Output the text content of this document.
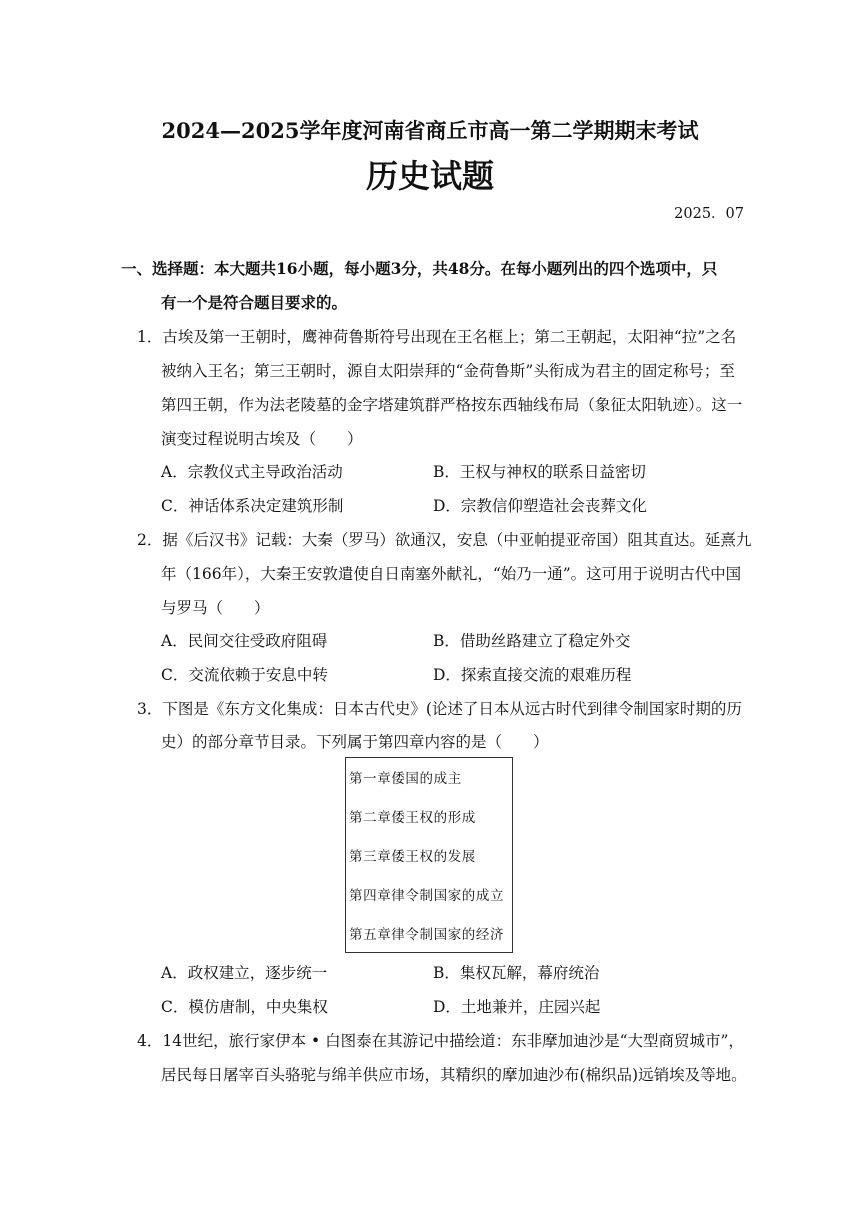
2024—2025学年度河南省商丘市高一第二学期期末考试
历史试题
2025．07
一、选择题：本大题共16小题，每小题3分，共48分。在每小题列出的四个选项中，只
有一个是符合题目要求的。
1．古埃及第一王朝时，鹰神荷鲁斯符号出现在王名框上；第二王朝起，太阳神“拉”之名
被纳入王名；第三王朝时，源自太阳崇拜的“金荷鲁斯”头衔成为君主的固定称号；至
第四王朝，作为法老陵墓的金字塔建筑群严格按东西轴线布局（象征太阳轨迹）。这一
演变过程说明古埃及（　　）
A．宗教仪式主导政治活动	B．王权与神权的联系日益密切
C．神话体系决定建筑形制	D．宗教信仰塑造社会丧葬文化
2．据《后汉书》记载：大秦（罗马）欲通汉，安息（中亚帕提亚帝国）阻其直达。延熹九
年（166年），大秦王安敦遣使自日南塞外献礼，“始乃一通”。这可用于说明古代中国
与罗马（　　）
A．民间交往受政府阻碍	B．借助丝路建立了稳定外交
C．交流依赖于安息中转	D．探索直接交流的艰难历程
3．下图是《东方文化集成：日本古代史》(论述了日本从远古时代到律令制国家时期的历
史）的部分章节目录。下列属于第四章内容的是（　　）
第一章倭国的成主
第二章倭王权的形成
第三章倭王权的发展
第四章律令制国家的成立
第五章律令制国家的经济
A．政权建立，逐步统一	B．集权瓦解，幕府统治
C．模仿唐制，中央集权	D．土地兼并，庄园兴起
4．14世纪，旅行家伊本 • 白图泰在其游记中描绘道：东非摩加迪沙是“大型商贸城市”，
居民每日屠宰百头骆驼与绵羊供应市场，其精织的摩加迪沙布(棉织品)远销埃及等地。
